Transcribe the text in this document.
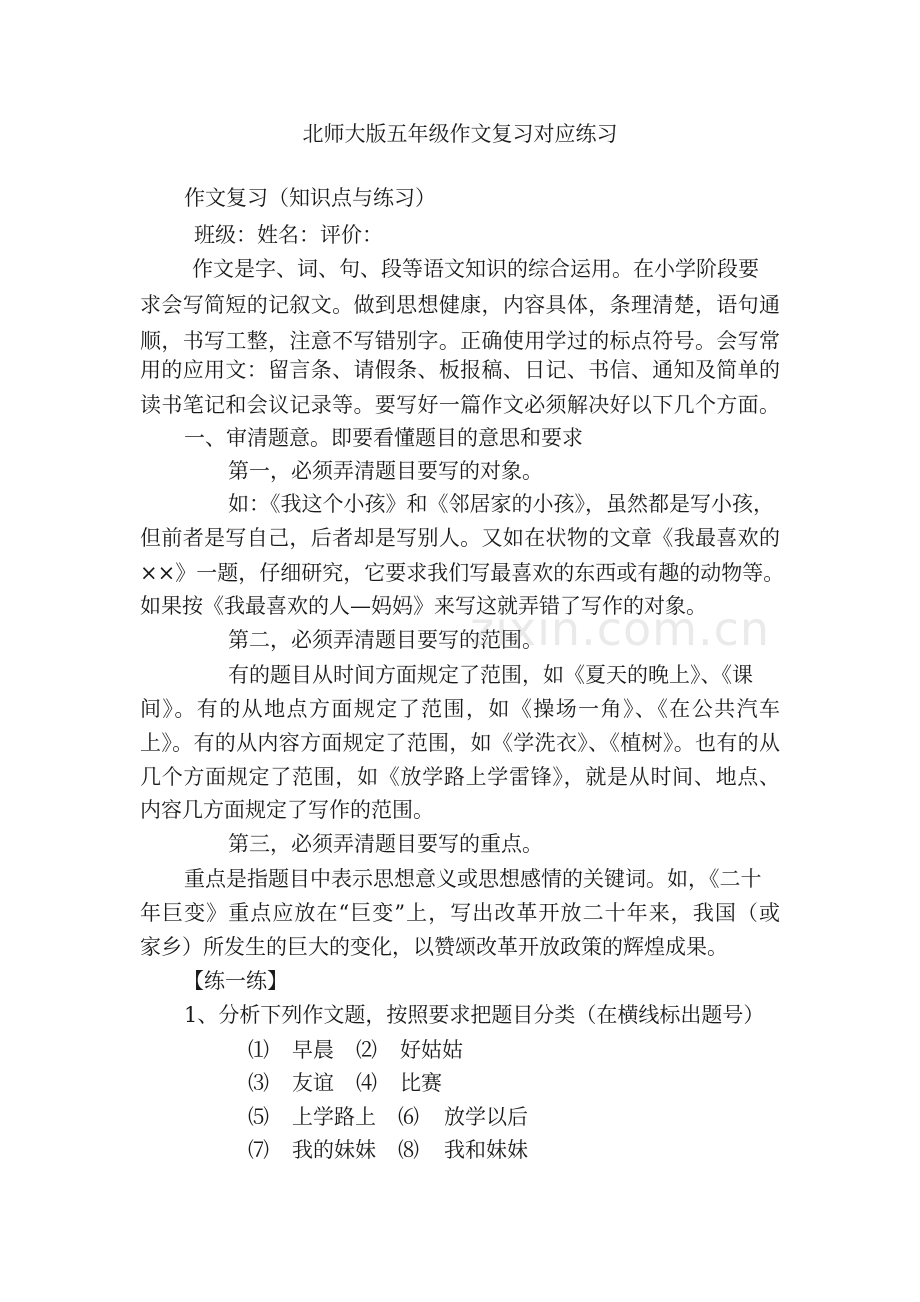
北师大版五年级作文复习对应练习
作文复习（知识点与练习）
班级：姓名：评价：
作文是字、词、句、段等语文知识的综合运用。在小学阶段要
求会写简短的记叙文。做到思想健康，内容具体，条理清楚，语句通
顺，书写工整，注意不写错别字。正确使用学过的标点符号。会写常
用的应用文：留言条、请假条、板报稿、日记、书信、通知及简单的
读书笔记和会议记录等。要写好一篇作文必须解决好以下几个方面。
一、审清题意。即要看懂题目的意思和要求
第一，必须弄清题目要写的对象。
如：《我这个小孩》和《邻居家的小孩》，虽然都是写小孩，
但前者是写自己，后者却是写别人。又如在状物的文章《我最喜欢的
××》一题，仔细研究，它要求我们写最喜欢的东西或有趣的动物等。
如果按《我最喜欢的人—妈妈》来写这就弄错了写作的对象。
第二，必须弄清题目要写的范围。
有的题目从时间方面规定了范围，如《夏天的晚上》、《课
间》。有的从地点方面规定了范围，如《操场一角》、《在公共汽车
上》。有的从内容方面规定了范围，如《学洗衣》、《植树》。也有的从
几个方面规定了范围，如《放学路上学雷锋》，就是从时间、地点、
内容几方面规定了写作的范围。
第三，必须弄清题目要写的重点。
重点是指题目中表示思想意义或思想感情的关键词。如，《二十
年巨变》重点应放在“巨变”上，写出改革开放二十年来，我国（或
家乡）所发生的巨大的变化，以赞颂改革开放政策的辉煌成果。
【练一练】
1、分析下列作文题，按照要求把题目分类（在横线标出题号）
⑴ 早晨 ⑵ 好姑姑
⑶ 友谊 ⑷ 比赛
⑸ 上学路上 ⑹ 放学以后
⑺ 我的妹妹 ⑻ 我和妹妹
zixin.com.cn
